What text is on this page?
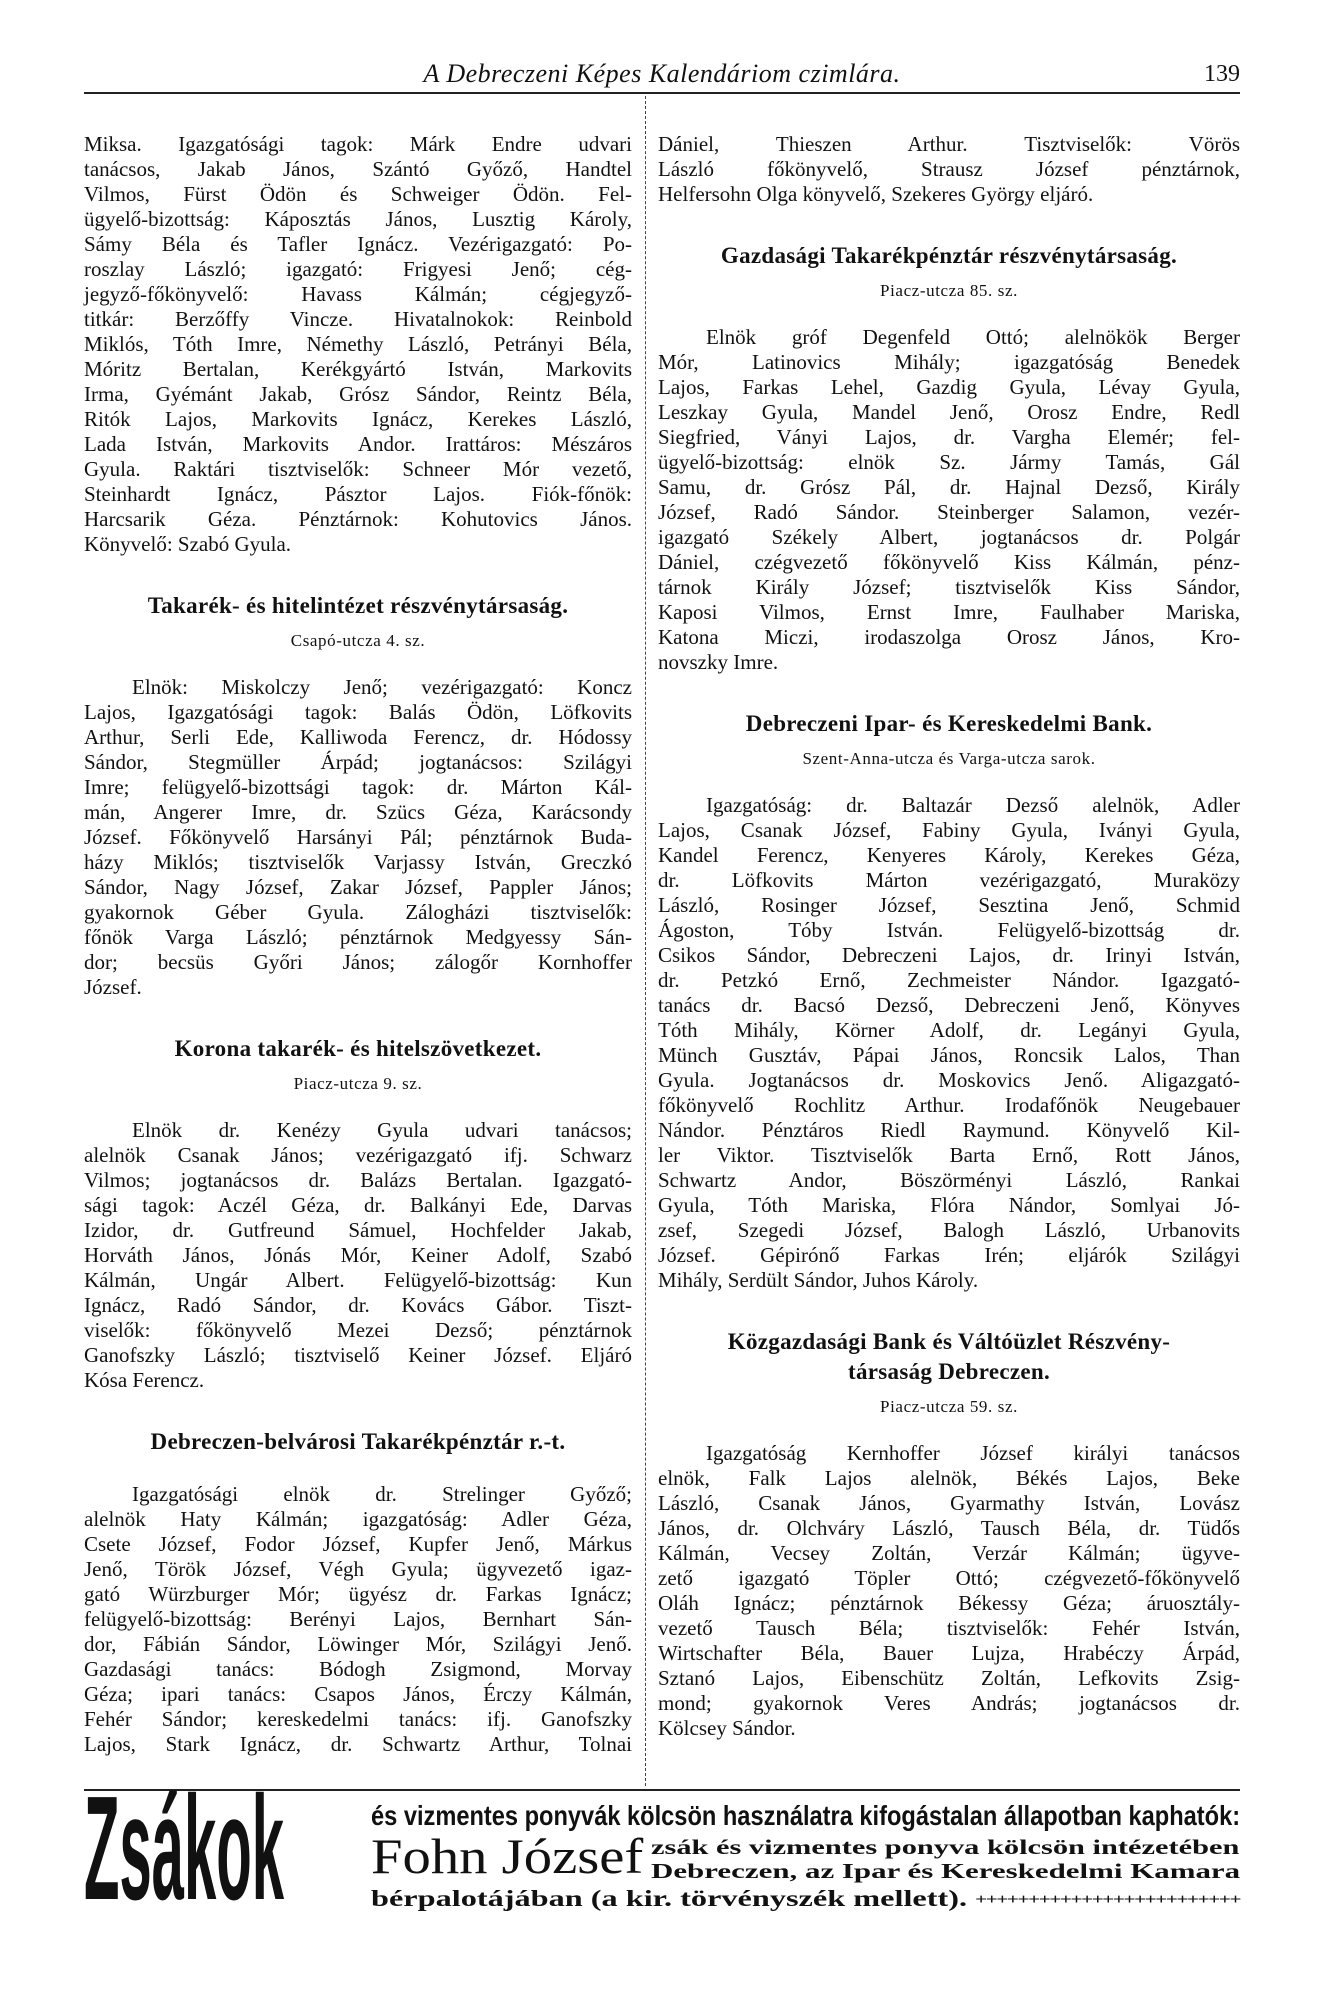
A Debreczeni Képes Kalendáriom czimlára.	139
Miksa. Igazgatósági tagok: Márk Endre udvari
tanácsos, Jakab János, Szántó Győző, Handtel
Vilmos, Fürst Ödön és Schweiger Ödön. Fel-
ügyelő-bizottság: Káposztás János, Lusztig Károly,
Sámy Béla és Tafler Ignácz. Vezérigazgató: Po-
roszlay László; igazgató: Frigyesi Jenő; cég-
jegyző-főkönyvelő: Havass Kálmán; cégjegyző-
titkár: Berzőffy Vincze. Hivatalnokok: Reinbold
Miklós, Tóth Imre, Némethy László, Petrányi Béla,
Móritz Bertalan, Kerékgyártó István, Markovits
Irma, Gyémánt Jakab, Grósz Sándor, Reintz Béla,
Ritók Lajos, Markovits Ignácz, Kerekes László,
Lada István, Markovits Andor. Irattáros: Mészáros
Gyula. Raktári tisztviselők: Schneer Mór vezető,
Steinhardt Ignácz, Pásztor Lajos. Fiók-főnök:
Harcsarik Géza. Pénztárnok: Kohutovics János.
Könyvelő: Szabó Gyula.
Takarék- és hitelintézet részvénytársaság.
Csapó-utcza 4. sz.
Elnök: Miskolczy Jenő; vezérigazgató: Koncz
Lajos, Igazgatósági tagok: Balás Ödön, Löfkovits
Arthur, Serli Ede, Kalliwoda Ferencz, dr. Hódossy
Sándor, Stegmüller Árpád; jogtanácsos: Szilágyi
Imre; felügyelő-bizottsági tagok: dr. Márton Kál-
mán, Angerer Imre, dr. Szücs Géza, Karácsondy
József. Főkönyvelő Harsányi Pál; pénztárnok Buda-
házy Miklós; tisztviselők Varjassy István, Greczkó
Sándor, Nagy József, Zakar József, Pappler János;
gyakornok Géber Gyula. Zálogházi tisztviselők:
főnök Varga László; pénztárnok Medgyessy Sán-
dor; becsüs Győri János; zálogőr Kornhoffer
József.
Korona takarék- és hitelszövetkezet.
Piacz-utcza 9. sz.
Elnök dr. Kenézy Gyula udvari tanácsos;
alelnök Csanak János; vezérigazgató ifj. Schwarz
Vilmos; jogtanácsos dr. Balázs Bertalan. Igazgató-
sági tagok: Aczél Géza, dr. Balkányi Ede, Darvas
Izidor, dr. Gutfreund Sámuel, Hochfelder Jakab,
Horváth János, Jónás Mór, Keiner Adolf, Szabó
Kálmán, Ungár Albert. Felügyelő-bizottság: Kun
Ignácz, Radó Sándor, dr. Kovács Gábor. Tiszt-
viselők: főkönyvelő Mezei Dezső; pénztárnok
Ganofszky László; tisztviselő Keiner József. Eljáró
Kósa Ferencz.
Debreczen-belvárosi Takarékpénztár r.-t.
Igazgatósági elnök dr. Strelinger Győző;
alelnök Haty Kálmán; igazgatóság: Adler Géza,
Csete József, Fodor József, Kupfer Jenő, Márkus
Jenő, Török József, Végh Gyula; ügyvezető igaz-
gató Würzburger Mór; ügyész dr. Farkas Ignácz;
felügyelő-bizottság: Berényi Lajos, Bernhart Sán-
dor, Fábián Sándor, Löwinger Mór, Szilágyi Jenő.
Gazdasági tanács: Bódogh Zsigmond, Morvay
Géza; ipari tanács: Csapos János, Érczy Kálmán,
Fehér Sándor; kereskedelmi tanács: ifj. Ganofszky
Lajos, Stark Ignácz, dr. Schwartz Arthur, Tolnai
Dániel, Thieszen Arthur. Tisztviselők: Vörös
László főkönyvelő, Strausz József pénztárnok,
Helfersohn Olga könyvelő, Szekeres György eljáró.
Gazdasági Takarékpénztár részvénytársaság.
Piacz-utcza 85. sz.
Elnök gróf Degenfeld Ottó; alelnökök Berger
Mór, Latinovics Mihály; igazgatóság Benedek
Lajos, Farkas Lehel, Gazdig Gyula, Lévay Gyula,
Leszkay Gyula, Mandel Jenő, Orosz Endre, Redl
Siegfried, Ványi Lajos, dr. Vargha Elemér; fel-
ügyelő-bizottság: elnök Sz. Jármy Tamás, Gál
Samu, dr. Grósz Pál, dr. Hajnal Dezső, Király
József, Radó Sándor. Steinberger Salamon, vezér-
igazgató Székely Albert, jogtanácsos dr. Polgár
Dániel, czégvezető főkönyvelő Kiss Kálmán, pénz-
tárnok Király József; tisztviselők Kiss Sándor,
Kaposi Vilmos, Ernst Imre, Faulhaber Mariska,
Katona Miczi, irodaszolga Orosz János, Kro-
novszky Imre.
Debreczeni Ipar- és Kereskedelmi Bank.
Szent-Anna-utcza és Varga-utcza sarok.
Igazgatóság: dr. Baltazár Dezső alelnök, Adler
Lajos, Csanak József, Fabiny Gyula, Iványi Gyula,
Kandel Ferencz, Kenyeres Károly, Kerekes Géza,
dr. Löfkovits Márton vezérigazgató, Muraközy
László, Rosinger József, Sesztina Jenő, Schmid
Ágoston, Tóby István. Felügyelő-bizottság dr.
Csikos Sándor, Debreczeni Lajos, dr. Irinyi István,
dr. Petzkó Ernő, Zechmeister Nándor. Igazgató-
tanács dr. Bacsó Dezső, Debreczeni Jenő, Könyves
Tóth Mihály, Körner Adolf, dr. Legányi Gyula,
Münch Gusztáv, Pápai János, Roncsik Lalos, Than
Gyula. Jogtanácsos dr. Moskovics Jenő. Aligazgató-
főkönyvelő Rochlitz Arthur. Irodafőnök Neugebauer
Nándor. Pénztáros Riedl Raymund. Könyvelő Kil-
ler Viktor. Tisztviselők Barta Ernő, Rott János,
Schwartz Andor, Böszörményi László, Rankai
Gyula, Tóth Mariska, Flóra Nándor, Somlyai Jó-
zsef, Szegedi József, Balogh László, Urbanovits
József. Gépirónő Farkas Irén; eljárók Szilágyi
Mihály, Serdült Sándor, Juhos Károly.
Közgazdasági Bank és Váltóüzlet Részvény-
társaság Debreczen.
Piacz-utcza 59. sz.
Igazgatóság Kernhoffer József királyi tanácsos
elnök, Falk Lajos alelnök, Békés Lajos, Beke
László, Csanak János, Gyarmathy István, Lovász
János, dr. Olchváry László, Tausch Béla, dr. Tüdős
Kálmán, Vecsey Zoltán, Verzár Kálmán; ügyve-
zető igazgató Töpler Ottó; czégvezető-főkönyvelő
Oláh Ignácz; pénztárnok Békessy Géza; áruosztály-
vezető Tausch Béla; tisztviselők: Fehér István,
Wirtschafter Béla, Bauer Lujza, Hrabéczy Árpád,
Sztanó Lajos, Eibenschütz Zoltán, Lefkovits Zsig-
mond; gyakornok Veres András; jogtanácsos dr.
Kölcsey Sándor.
Zsákok	és vizmentes ponyvák kölcsön használatra kifogástalan állapotban kaphatók:
Fohn József zsák és vizmentes ponyva kölcsön intézetében
Debreczen, az Ipar és Kereskedelmi Kamara
bérpalotájában (a kir. törvényszék mellett). +++++++++++++++++++++++++
